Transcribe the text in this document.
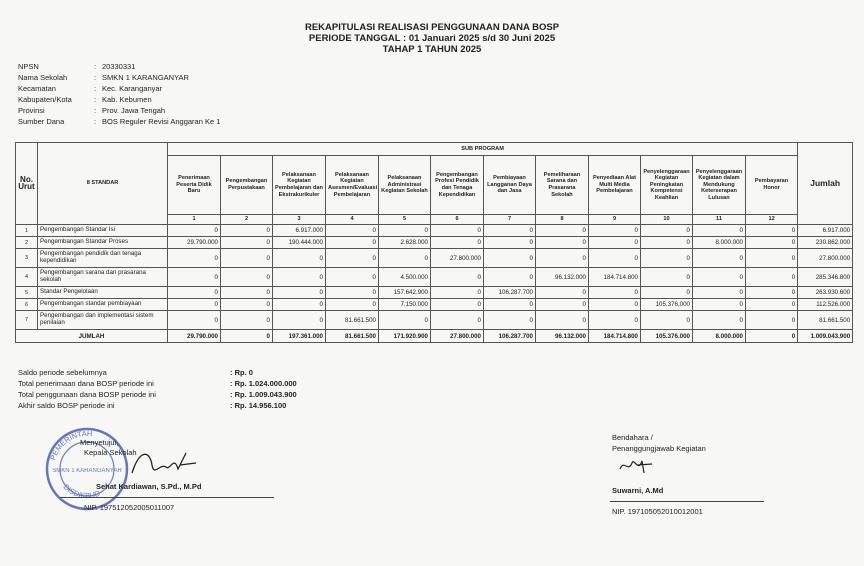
REKAPITULASI REALISASI PENGGUNAAN DANA BOSP
PERIODE TANGGAL : 01 Januari 2025 s/d 30 Juni 2025
TAHAP 1 TAHUN 2025
NPSN	: 20330331
Nama Sekolah	: SMKN 1 KARANGANYAR
Kecamatan	: Kec. Karanganyar
Kabupaten/Kota	: Kab. Kebumen
Provinsi	: Prov. Jawa Tengah
Sumber Dana	: BOS Reguler Revisi Anggaran Ke 1
No. Urut	8 STANDAR	SUB PROGRAM												Jumlah
		Penerimaan Peserta Didik Baru	Pengembangan Perpustakaan	Pelaksanaan Kegiatan Pembelajaran dan Ekstrakurikuler	Pelaksanaan Kegiatan Asesmen/Evaluasi Pembelajaran	Pelaksanaan Administrasi Kegiatan Sekolah	Pengembangan Profesi Pendidik dan Tenaga Kependidikan	Pembiayaan Langganan Daya dan Jasa	Pemeliharaan Sarana dan Prasarana Sekolah	Penyediaan Alat Multi Media Pembelajaran	Penyelenggaraan Kegiatan Peningkatan Kompetensi Keahlian	Penyelenggaraan Kegiatan dalam Mendukung Keterserapan Lulusan	Pembayaran Honor	
		1	2	3	4	5	6	7	8	9	10	11	12	
1	Pengembangan Standar Isi	0	0	6.917.000	0	0	0	0	0	0	0	0	0	6.917.000
2	Pengembangan Standar Proses	29.790.000	0	190.444.000	0	2.628.000	0	0	0	0	0	8.000.000	0	230.862.000
3	Pengembangan pendidik dan tenaga kependidikan	0	0	0	0	0	27.800.000	0	0	0	0	0	0	27.800.000
4	Pengembangan sarana dan prasarana sekolah	0	0	0	0	4.500.000	0	0	96.132.000	184.714.800	0	0	0	285.346.800
5	Standar Pengelolaan	0	0	0	0	157.642.900	0	106.287.700	0	0	0	0	0	263.930.600
6	Pengembangan standar pembiayaan	0	0	0	0	7.150.000	0	0	0	0	105.376.000	0	0	112.526.000
7	Pengembangan dan implementasi sistem penilaian	0	0	0	81.661.500	0	0	0	0	0	0	0	0	81.661.500
JUMLAH		29.790.000	0	197.361.000	81.661.500	171.920.900	27.800.000	106.287.700	96.132.000	184.714.800	105.376.000	8.000.000	0	1.009.043.900
Saldo periode sebelumnya	: Rp. 0
Total penerimaan dana BOSP periode ini	: Rp. 1.024.000.000
Total penggunaan dana BOSP periode ini	: Rp. 1.009.043.900
Akhir saldo BOSP periode ini	: Rp. 14.956.100
PEMERINTAH
DISDIKBUD
SMKN 1 KARANGANYAR
Menyetujui,
Kepala Sekolah
Sehat Kardiawan, S.Pd., M.Pd
NIP. 197512052005011007
Bendahara /
Penanggungjawab Kegiatan
Suwarni, A.Md
NIP. 197105052010012001
